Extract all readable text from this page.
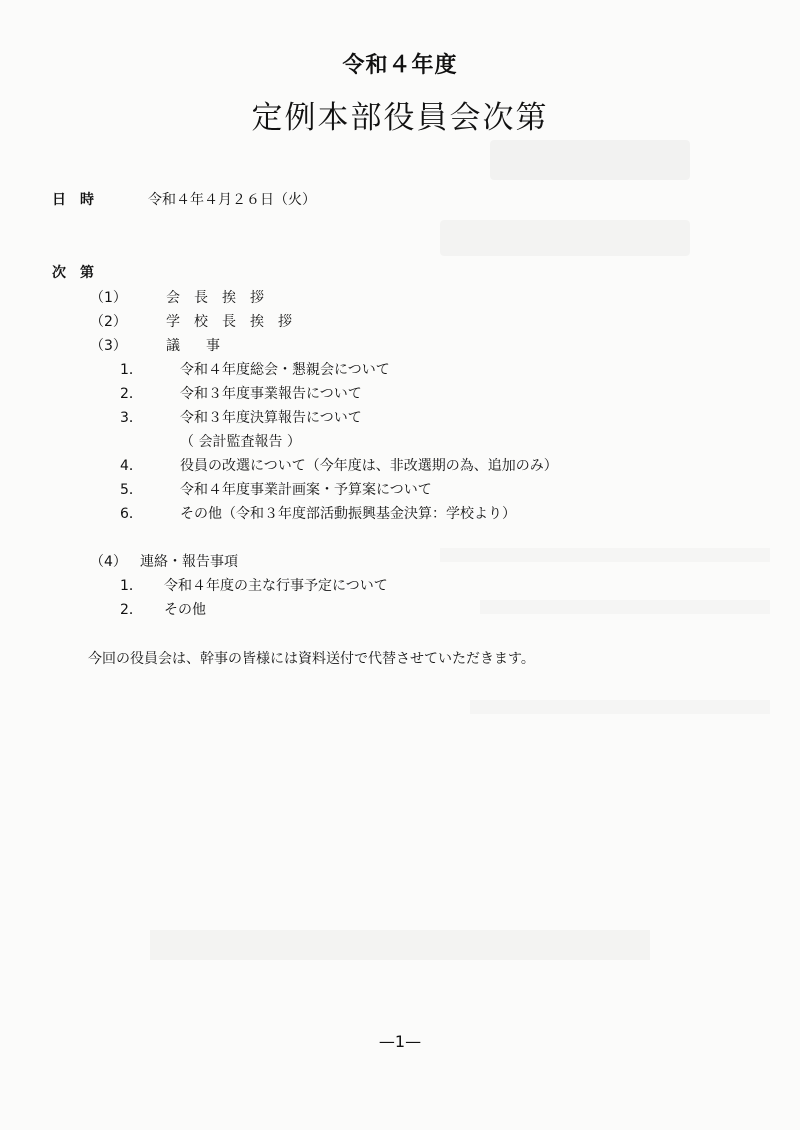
令和４年度
定例本部役員会次第
日　時	令和４年４月２６日（火）
次　第
（1）	会長挨拶
（2）	学校長挨拶
（3）	議　事
1．	令和４年度総会・懇親会について
2．	令和３年度事業報告について
3．	令和３年度決算報告について
（ 会計監査報告 ）
4．	役員の改選について（今年度は、非改選期の為、追加のみ）
5．	令和４年度事業計画案・予算案について
6．	その他（令和３年度部活動振興基金決算：学校より）
（4） 連絡・報告事項
1． 令和４年度の主な行事予定について
2． その他
今回の役員会は、幹事の皆様には資料送付で代替させていただきます。
—1—
